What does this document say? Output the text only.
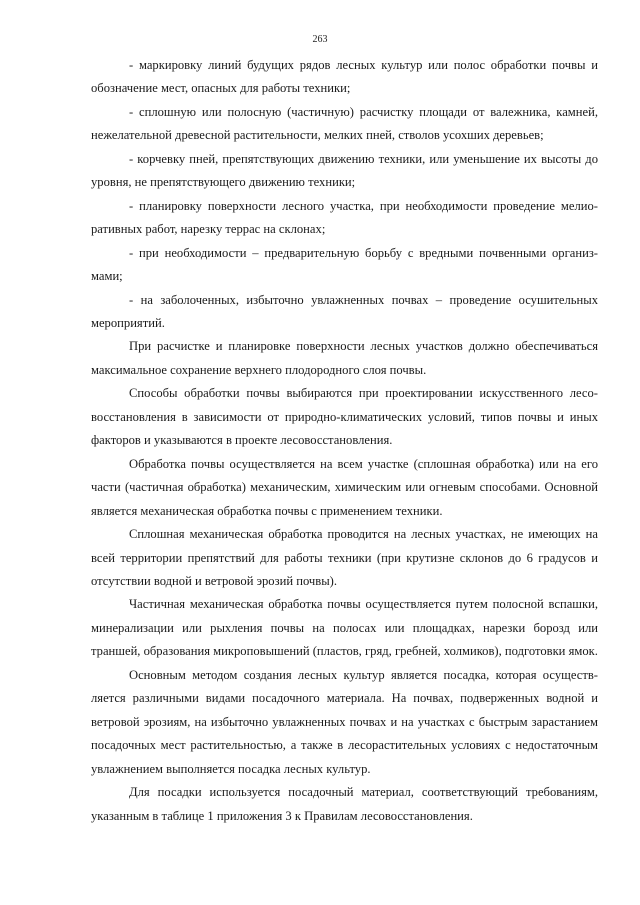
263

- маркировку линий будущих рядов лесных культур или полос обработки почвы и обозначение мест, опасных для работы техники;

- сплошную или полосную (частичную) расчистку площади от валежника, камней, нежелательной древесной растительности, мелких пней, стволов усохших деревьев;

- корчевку пней, препятствующих движению техники, или уменьшение их высоты до уровня, не препятствующего движению техники;

- планировку поверхности лесного участка, при необходимости проведение мелиоративных работ, нарезку террас на склонах;

- при необходимости – предварительную борьбу с вредными почвенными организмами;

- на заболоченных, избыточно увлажненных почвах – проведение осушительных мероприятий.

При расчистке и планировке поверхности лесных участков должно обеспечиваться максимальное сохранение верхнего плодородного слоя почвы.

Способы обработки почвы выбираются при проектировании искусственного лесовосстановления в зависимости от природно-климатических условий, типов почвы и иных факторов и указываются в проекте лесовосстановления.

Обработка почвы осуществляется на всем участке (сплошная обработка) или на его части (частичная обработка) механическим, химическим или огневым способами. Основной является механическая обработка почвы с применением техники.

Сплошная механическая обработка проводится на лесных участках, не имеющих на всей территории препятствий для работы техники (при крутизне склонов до 6 градусов и отсутствии водной и ветровой эрозий почвы).

Частичная механическая обработка почвы осуществляется путем полосной вспашки, минерализации или рыхления почвы на полосах или площадках, нарезки борозд или траншей, образования микроповышений (пластов, гряд, гребней, холмиков), подготовки ямок.

Основным методом создания лесных культур является посадка, которая осуществляется различными видами посадочного материала. На почвах, подверженных водной и ветровой эрозиям, на избыточно увлажненных почвах и на участках с быстрым зарастанием посадочных мест растительностью, а также в лесорастительных условиях с недостаточным увлажнением выполняется посадка лесных культур.

Для посадки используется посадочный материал, соответствующий требованиям, указанным в таблице 1 приложения 3 к Правилам лесовосстановления.
